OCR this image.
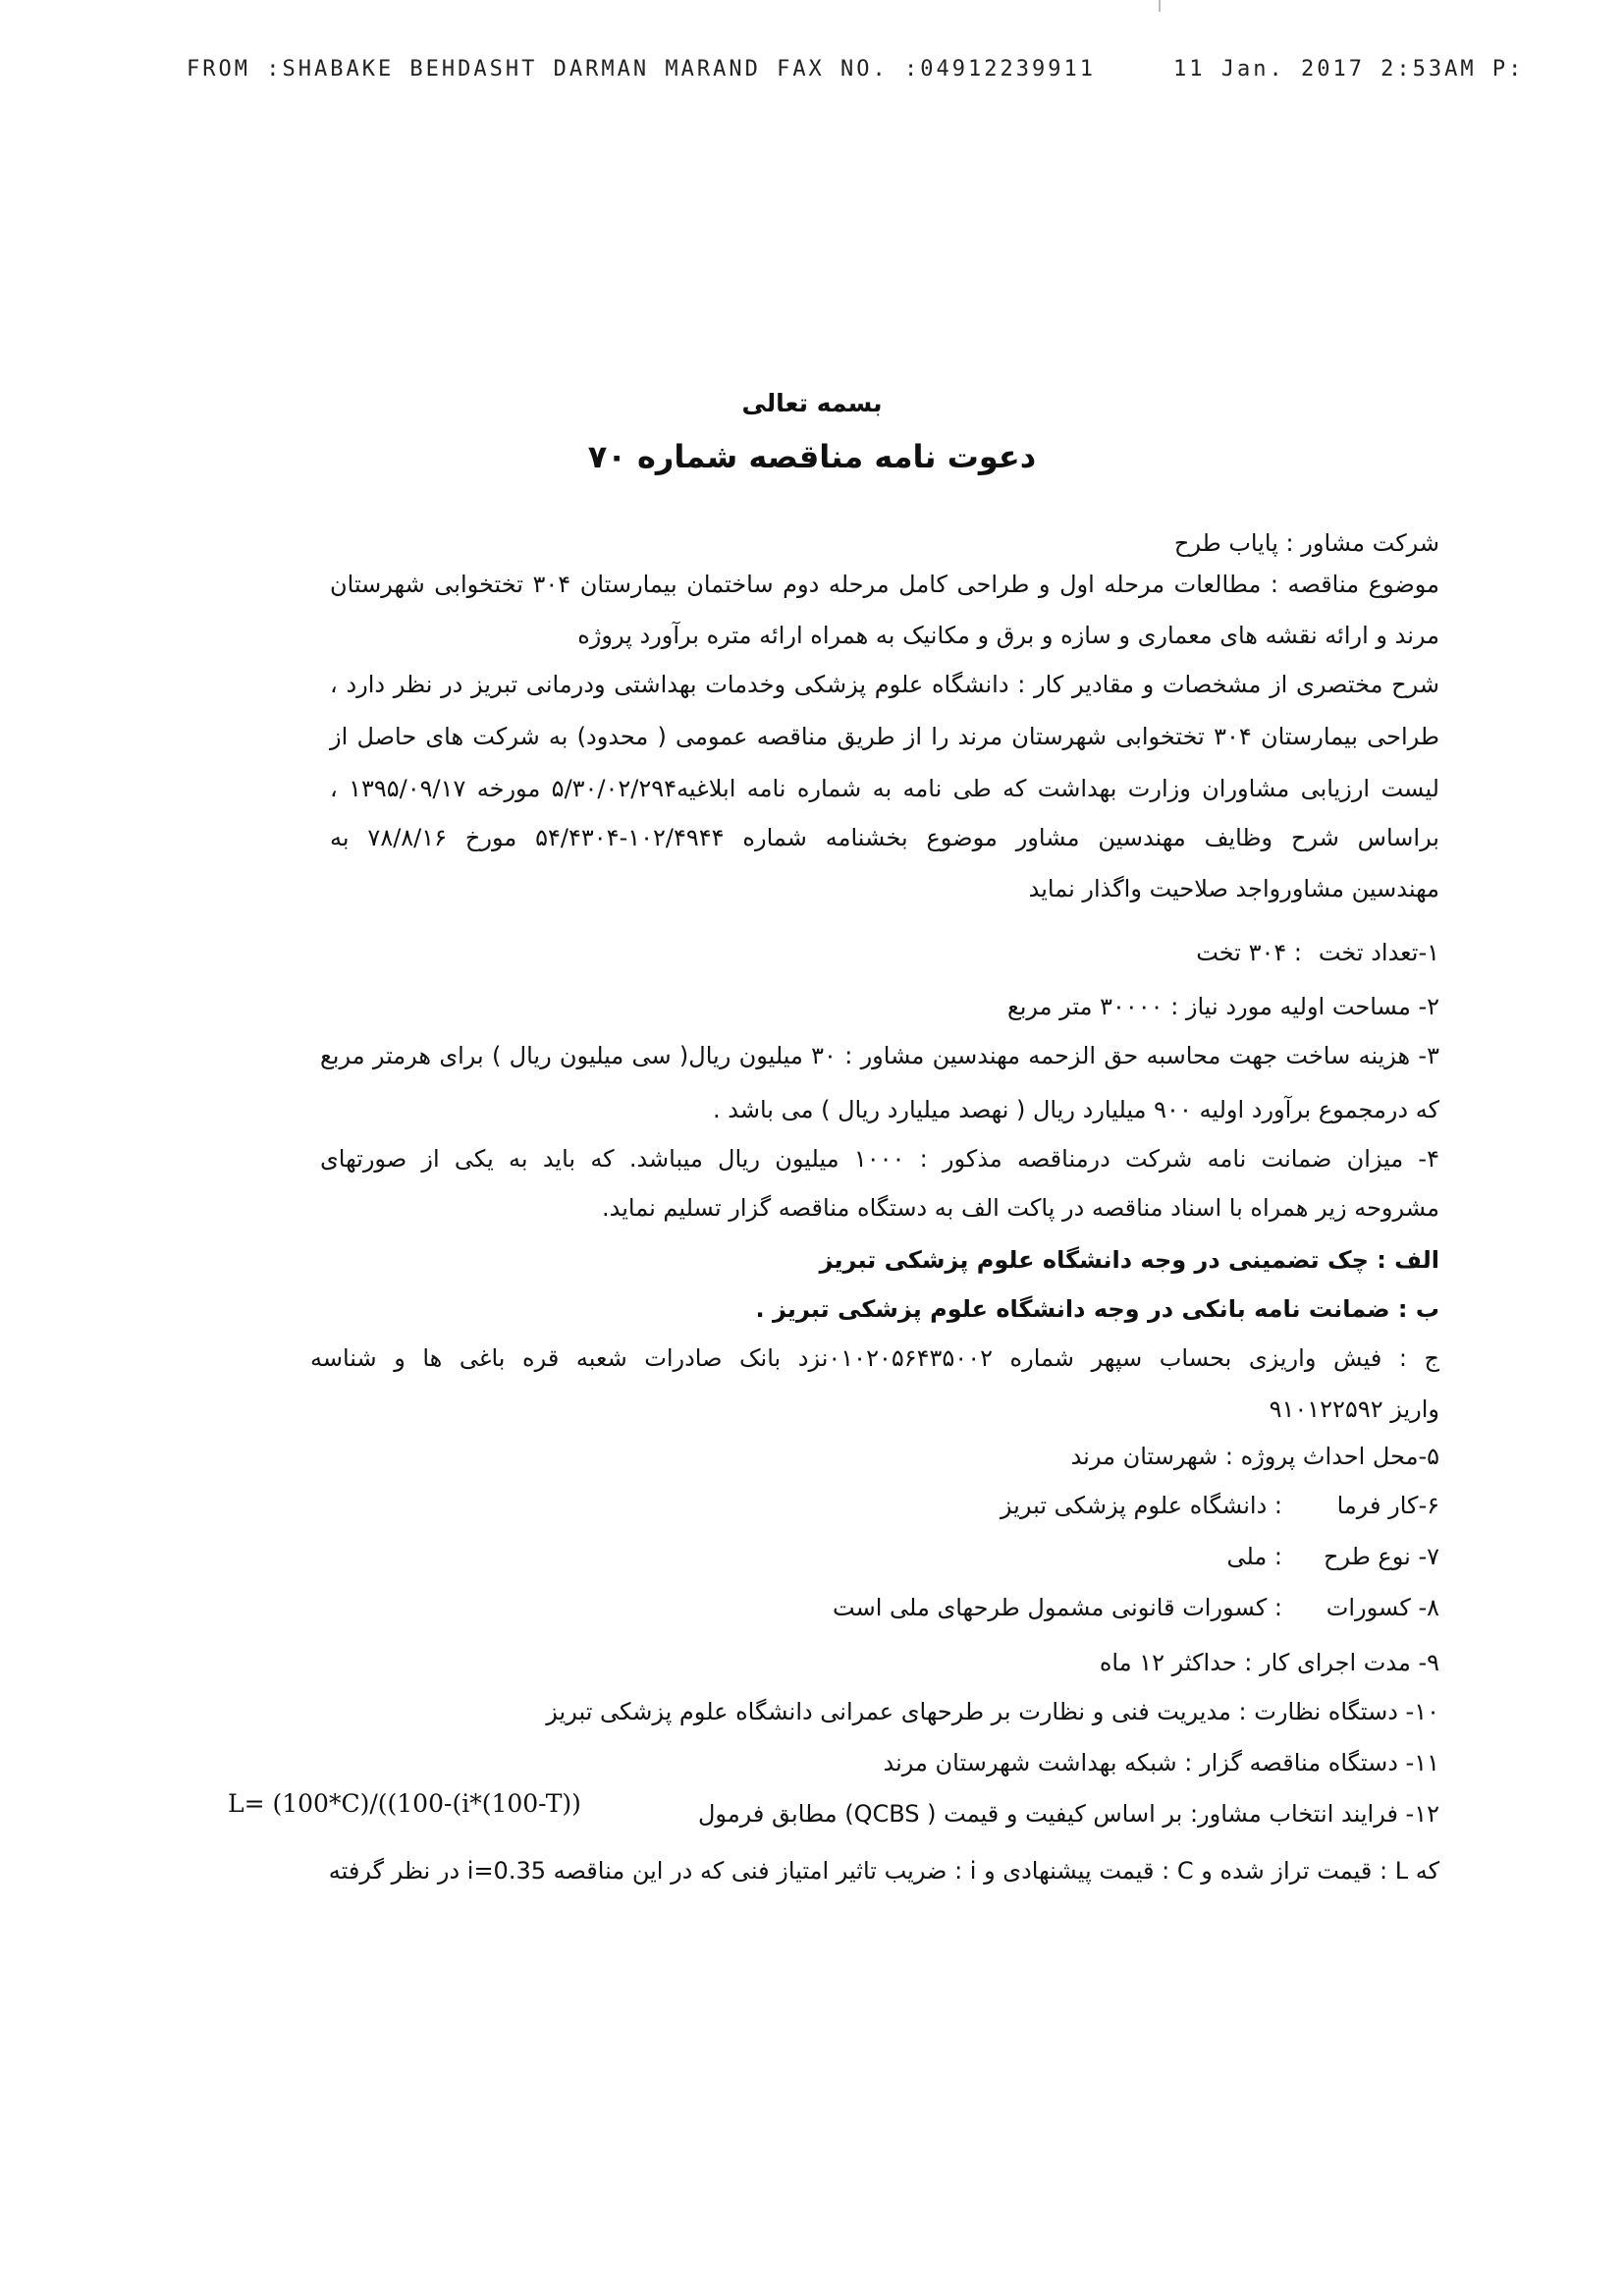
FROM :SHABAKE BEHDASHT DARMAN MARAND FAX NO. :04912239911	11 Jan. 2017 2:53AM P:
بسمه تعالی
دعوت نامه مناقصه شماره ۷۰
شرکت مشاور : پایاب طرح
موضوع مناقصه : مطالعات مرحله اول و طراحی کامل مرحله دوم ساختمان بیمارستان ۳۰۴ تختخوابی شهرستان
مرند و ارائه نقشه های معماری و سازه و برق و مکانیک به همراه ارائه متره برآورد پروژه
شرح مختصری از مشخصات و مقادیر کار : دانشگاه علوم پزشکی وخدمات بهداشتی ودرمانی تبریز در نظر دارد ،
طراحی بیمارستان ۳۰۴ تختخوابی شهرستان مرند را از طریق مناقصه عمومی ( محدود) به شرکت های حاصل از
لیست ارزیابی مشاوران وزارت بهداشت که طی نامه به شماره نامه ابلاغیه۵/۳۰/۰۲/۲۹۴ مورخه ۱۳۹۵/۰۹/۱۷ ،
براساس شرح وظایف مهندسین مشاور موضوع بخشنامه شماره ۱۰۲/۴۹۴۴-۵۴/۴۳۰۴ مورخ ۷۸/۸/۱۶ به
مهندسین مشاورواجد صلاحیت واگذار نماید
۱-تعداد تخت
: ۳۰۴ تخت
۲- مساحت اولیه مورد نیاز : ۳۰۰۰۰ متر مربع
۳- هزینه ساخت جهت محاسبه حق الزحمه مهندسین مشاور : ۳۰ میلیون ریال( سی میلیون ریال ) برای هرمتر مربع
که درمجموع برآورد اولیه ۹۰۰ میلیارد ریال ( نهصد میلیارد ریال ) می باشد .
۴- میزان ضمانت نامه شرکت درمناقصه مذکور : ۱۰۰۰ میلیون ریال میباشد. که باید به یکی از صورتهای
مشروحه زیر همراه با اسناد مناقصه در پاکت الف به دستگاه مناقصه گزار تسلیم نماید.
الف : چک تضمینی در وجه دانشگاه علوم پزشکی تبریز
ب : ضمانت نامه بانکی در وجه دانشگاه علوم پزشکی تبریز .
ج : فیش واریزی بحساب سپهر شماره ۰۱۰۲۰۵۶۴۳۵۰۰۲نزد بانک صادرات شعبه قره باغی ها و شناسه
واریز ۹۱۰۱۲۲۵۹۲
۵-محل احداث پروژه : شهرستان مرند
۶-کار فرما
: دانشگاه علوم پزشکی تبریز
۷- نوع طرح
: ملی
۸- کسورات
: کسورات قانونی مشمول طرحهای ملی است
۹- مدت اجرای کار : حداکثر ۱۲ ماه
۱۰- دستگاه نظارت : مدیریت فنی و نظارت بر طرحهای عمرانی دانشگاه علوم پزشکی تبریز
۱۱- دستگاه مناقصه گزار : شبکه بهداشت شهرستان مرند
۱۲- فرایند انتخاب مشاور: بر اساس کیفیت و قیمت ( QCBS) مطابق فرمول
L= (100*C)/((100-(i*(100-T))
که L : قیمت تراز شده و C : قیمت پیشنهادی و i : ضریب تاثیر امتیاز فنی که در این مناقصه i=0.35 در نظر گرفته
